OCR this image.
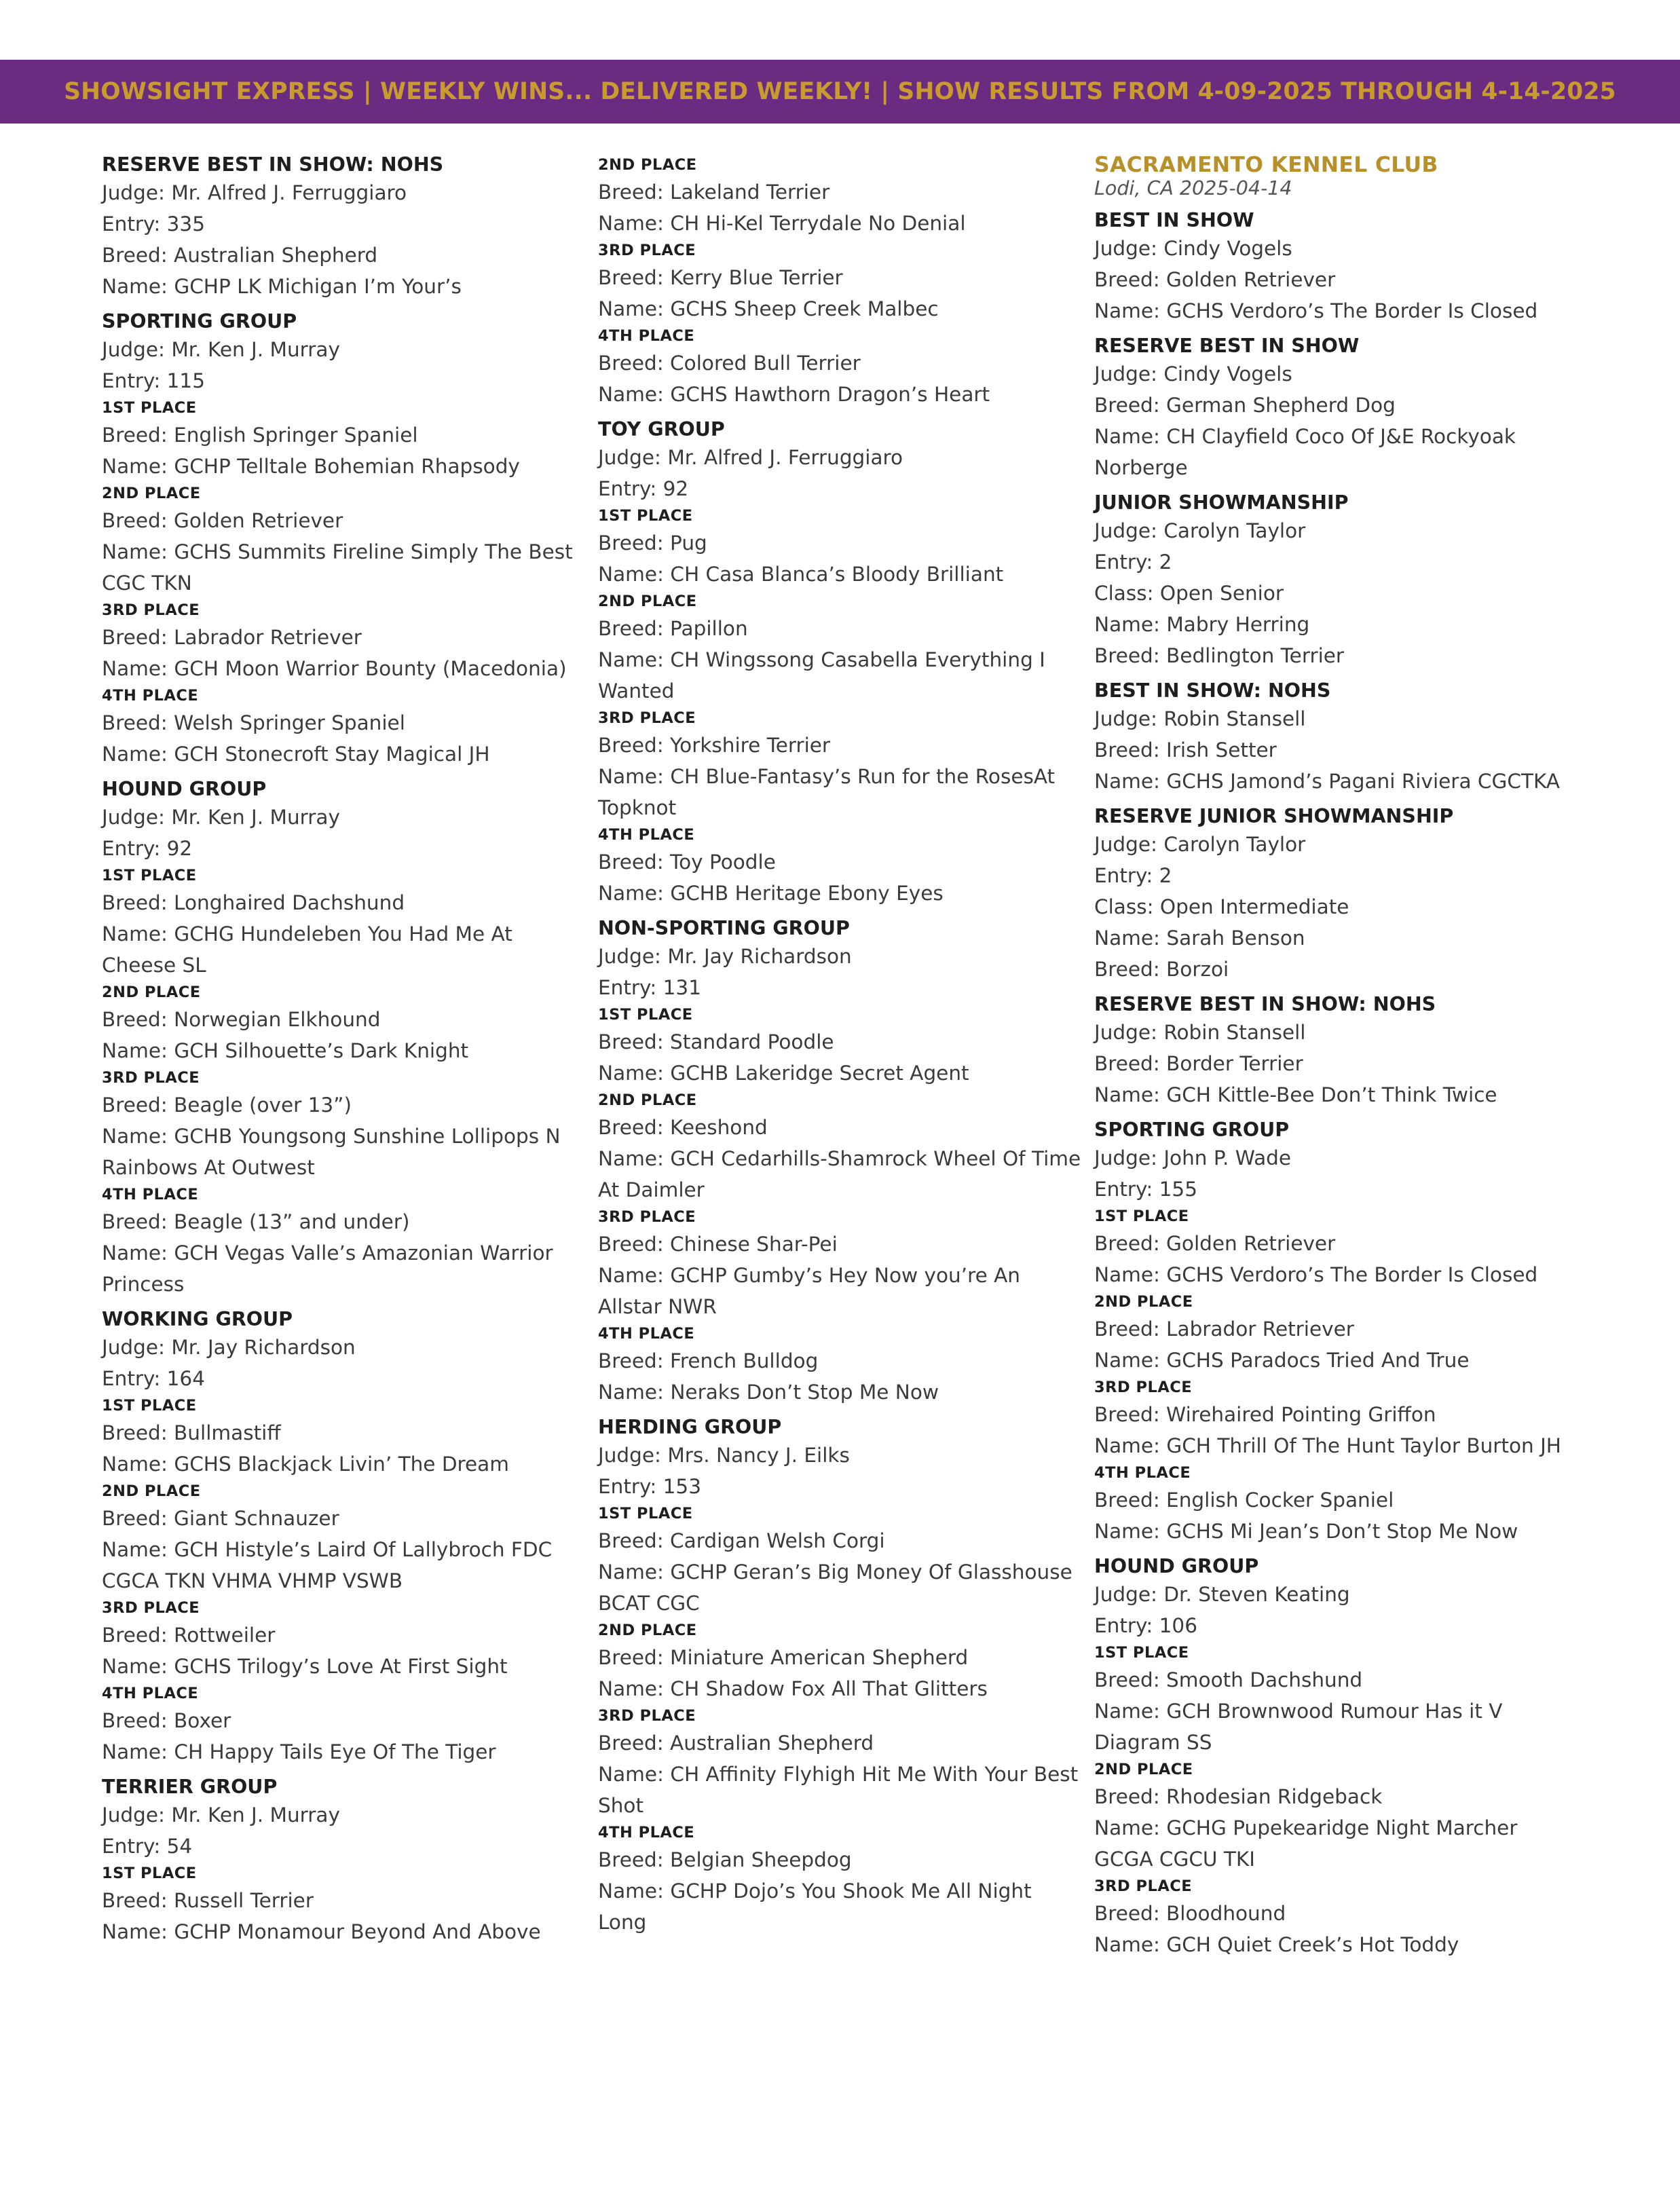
SHOWSIGHT EXPRESS | WEEKLY WINS... DELIVERED WEEKLY! | SHOW RESULTS FROM 4-09-2025 THROUGH 4-14-2025
RESERVE BEST IN SHOW: NOHS
Judge: Mr. Alfred J. Ferruggiaro
Entry: 335
Breed: Australian Shepherd
Name: GCHP LK Michigan I’m Your’s
SPORTING GROUP
Judge: Mr. Ken J. Murray
Entry: 115
1ST PLACE
Breed: English Springer Spaniel
Name: GCHP Telltale Bohemian Rhapsody
2ND PLACE
Breed: Golden Retriever
Name: GCHS Summits Fireline Simply The Best
CGC TKN
3RD PLACE
Breed: Labrador Retriever
Name: GCH Moon Warrior Bounty (Macedonia)
4TH PLACE
Breed: Welsh Springer Spaniel
Name: GCH Stonecroft Stay Magical JH
HOUND GROUP
Judge: Mr. Ken J. Murray
Entry: 92
1ST PLACE
Breed: Longhaired Dachshund
Name: GCHG Hundeleben You Had Me At
Cheese SL
2ND PLACE
Breed: Norwegian Elkhound
Name: GCH Silhouette’s Dark Knight
3RD PLACE
Breed: Beagle (over 13”)
Name: GCHB Youngsong Sunshine Lollipops N
Rainbows At Outwest
4TH PLACE
Breed: Beagle (13” and under)
Name: GCH Vegas Valle’s Amazonian Warrior
Princess
WORKING GROUP
Judge: Mr. Jay Richardson
Entry: 164
1ST PLACE
Breed: Bullmastiff
Name: GCHS Blackjack Livin’ The Dream
2ND PLACE
Breed: Giant Schnauzer
Name: GCH Histyle’s Laird Of Lallybroch FDC
CGCA TKN VHMA VHMP VSWB
3RD PLACE
Breed: Rottweiler
Name: GCHS Trilogy’s Love At First Sight
4TH PLACE
Breed: Boxer
Name: CH Happy Tails Eye Of The Tiger
TERRIER GROUP
Judge: Mr. Ken J. Murray
Entry: 54
1ST PLACE
Breed: Russell Terrier
Name: GCHP Monamour Beyond And Above
2ND PLACE
Breed: Lakeland Terrier
Name: CH Hi-Kel Terrydale No Denial
3RD PLACE
Breed: Kerry Blue Terrier
Name: GCHS Sheep Creek Malbec
4TH PLACE
Breed: Colored Bull Terrier
Name: GCHS Hawthorn Dragon’s Heart
TOY GROUP
Judge: Mr. Alfred J. Ferruggiaro
Entry: 92
1ST PLACE
Breed: Pug
Name: CH Casa Blanca’s Bloody Brilliant
2ND PLACE
Breed: Papillon
Name: CH Wingssong Casabella Everything I
Wanted
3RD PLACE
Breed: Yorkshire Terrier
Name: CH Blue-Fantasy’s Run for the RosesAt
Topknot
4TH PLACE
Breed: Toy Poodle
Name: GCHB Heritage Ebony Eyes
NON-SPORTING GROUP
Judge: Mr. Jay Richardson
Entry: 131
1ST PLACE
Breed: Standard Poodle
Name: GCHB Lakeridge Secret Agent
2ND PLACE
Breed: Keeshond
Name: GCH Cedarhills-Shamrock Wheel Of Time
At Daimler
3RD PLACE
Breed: Chinese Shar-Pei
Name: GCHP Gumby’s Hey Now you’re An
Allstar NWR
4TH PLACE
Breed: French Bulldog
Name: Neraks Don’t Stop Me Now
HERDING GROUP
Judge: Mrs. Nancy J. Eilks
Entry: 153
1ST PLACE
Breed: Cardigan Welsh Corgi
Name: GCHP Geran’s Big Money Of Glasshouse
BCAT CGC
2ND PLACE
Breed: Miniature American Shepherd
Name: CH Shadow Fox All That Glitters
3RD PLACE
Breed: Australian Shepherd
Name: CH Affinity Flyhigh Hit Me With Your Best
Shot
4TH PLACE
Breed: Belgian Sheepdog
Name: GCHP Dojo’s You Shook Me All Night
Long
SACRAMENTO KENNEL CLUB
Lodi, CA 2025-04-14
BEST IN SHOW
Judge: Cindy Vogels
Breed: Golden Retriever
Name: GCHS Verdoro’s The Border Is Closed
RESERVE BEST IN SHOW
Judge: Cindy Vogels
Breed: German Shepherd Dog
Name: CH Clayfield Coco Of J&E Rockyoak
Norberge
JUNIOR SHOWMANSHIP
Judge: Carolyn Taylor
Entry: 2
Class: Open Senior
Name: Mabry Herring
Breed: Bedlington Terrier
BEST IN SHOW: NOHS
Judge: Robin Stansell
Breed: Irish Setter
Name: GCHS Jamond’s Pagani Riviera CGCTKA
RESERVE JUNIOR SHOWMANSHIP
Judge: Carolyn Taylor
Entry: 2
Class: Open Intermediate
Name: Sarah Benson
Breed: Borzoi
RESERVE BEST IN SHOW: NOHS
Judge: Robin Stansell
Breed: Border Terrier
Name: GCH Kittle-Bee Don’t Think Twice
SPORTING GROUP
Judge: John P. Wade
Entry: 155
1ST PLACE
Breed: Golden Retriever
Name: GCHS Verdoro’s The Border Is Closed
2ND PLACE
Breed: Labrador Retriever
Name: GCHS Paradocs Tried And True
3RD PLACE
Breed: Wirehaired Pointing Griffon
Name: GCH Thrill Of The Hunt Taylor Burton JH
4TH PLACE
Breed: English Cocker Spaniel
Name: GCHS Mi Jean’s Don’t Stop Me Now
HOUND GROUP
Judge: Dr. Steven Keating
Entry: 106
1ST PLACE
Breed: Smooth Dachshund
Name: GCH Brownwood Rumour Has it V
Diagram SS
2ND PLACE
Breed: Rhodesian Ridgeback
Name: GCHG Pupekearidge Night Marcher
GCGA CGCU TKI
3RD PLACE
Breed: Bloodhound
Name: GCH Quiet Creek’s Hot Toddy
